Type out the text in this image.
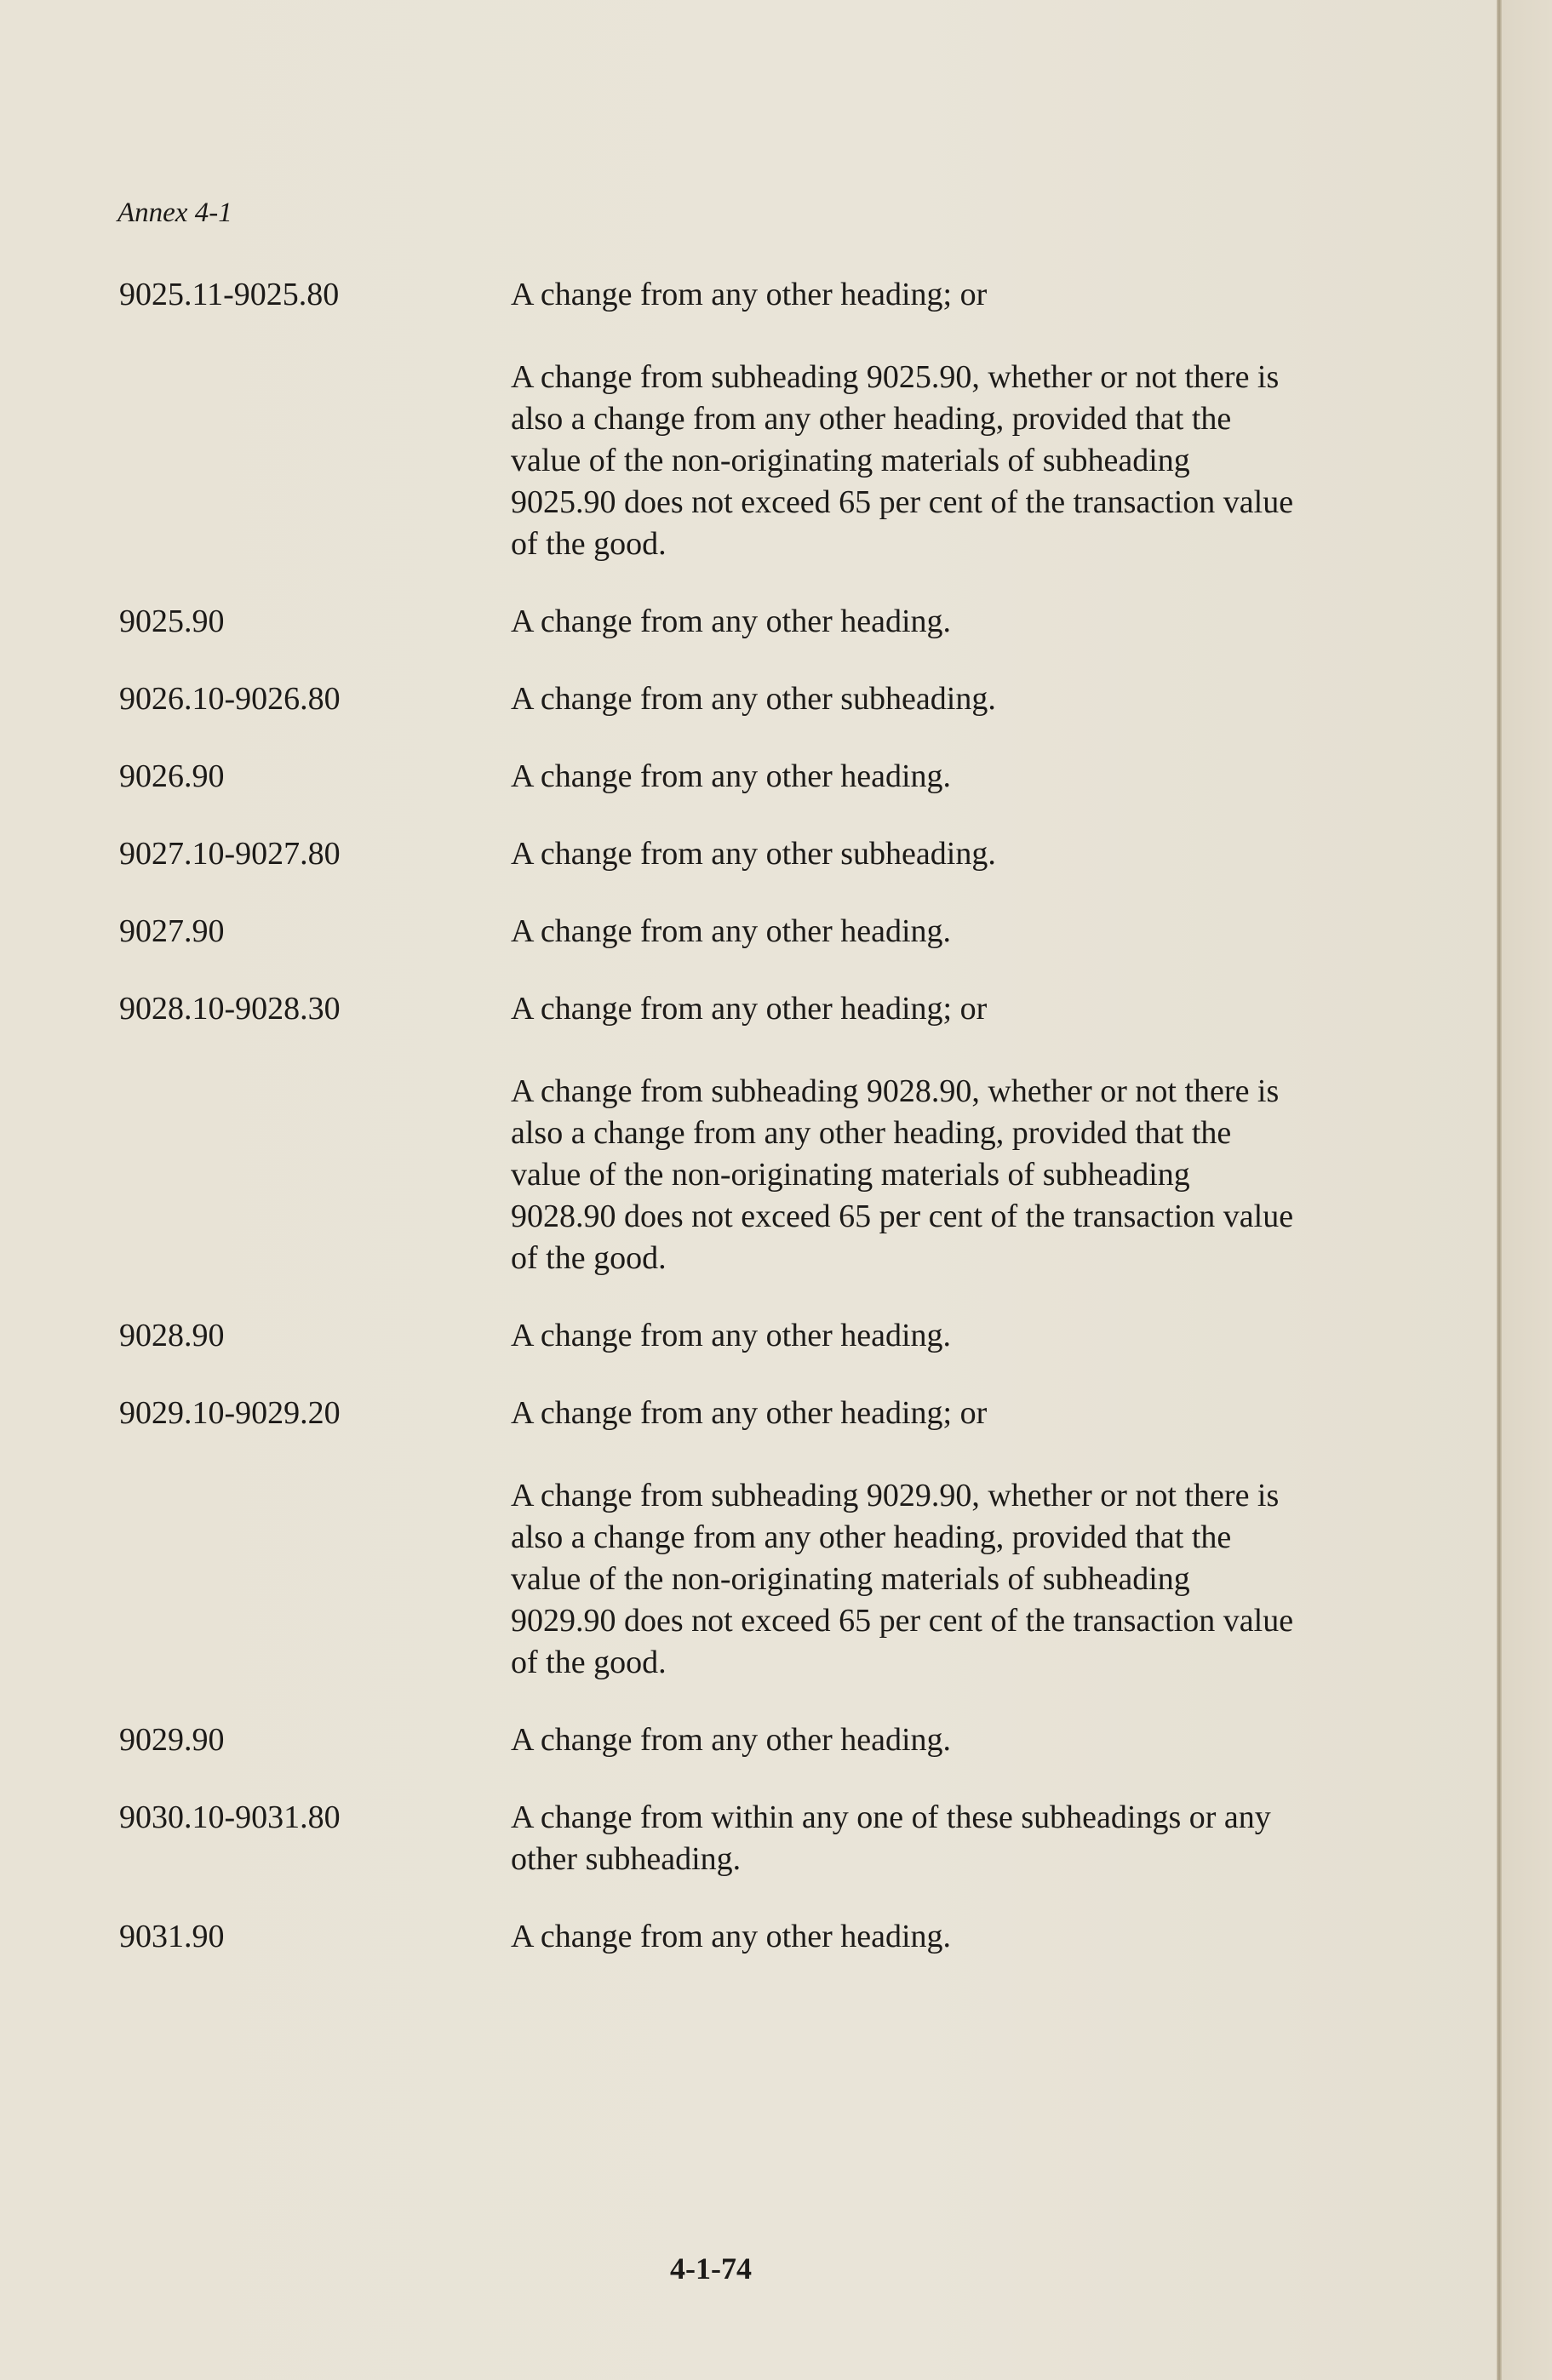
Annex 4-1
9025.11-9025.80	A change from any other heading; or

A change from subheading 9025.90, whether or not there is also a change from any other heading, provided that the value of the non-originating materials of subheading 9025.90 does not exceed 65 per cent of the transaction value of the good.

9025.90	A change from any other heading.

9026.10-9026.80	A change from any other subheading.

9026.90	A change from any other heading.

9027.10-9027.80	A change from any other subheading.

9027.90	A change from any other heading.

9028.10-9028.30	A change from any other heading; or

A change from subheading 9028.90, whether or not there is also a change from any other heading, provided that the value of the non-originating materials of subheading 9028.90 does not exceed 65 per cent of the transaction value of the good.

9028.90	A change from any other heading.

9029.10-9029.20	A change from any other heading; or

A change from subheading 9029.90, whether or not there is also a change from any other heading, provided that the value of the non-originating materials of subheading 9029.90 does not exceed 65 per cent of the transaction value of the good.

9029.90	A change from any other heading.

9030.10-9031.80	A change from within any one of these subheadings or any other subheading.

9031.90	A change from any other heading.

4-1-74
